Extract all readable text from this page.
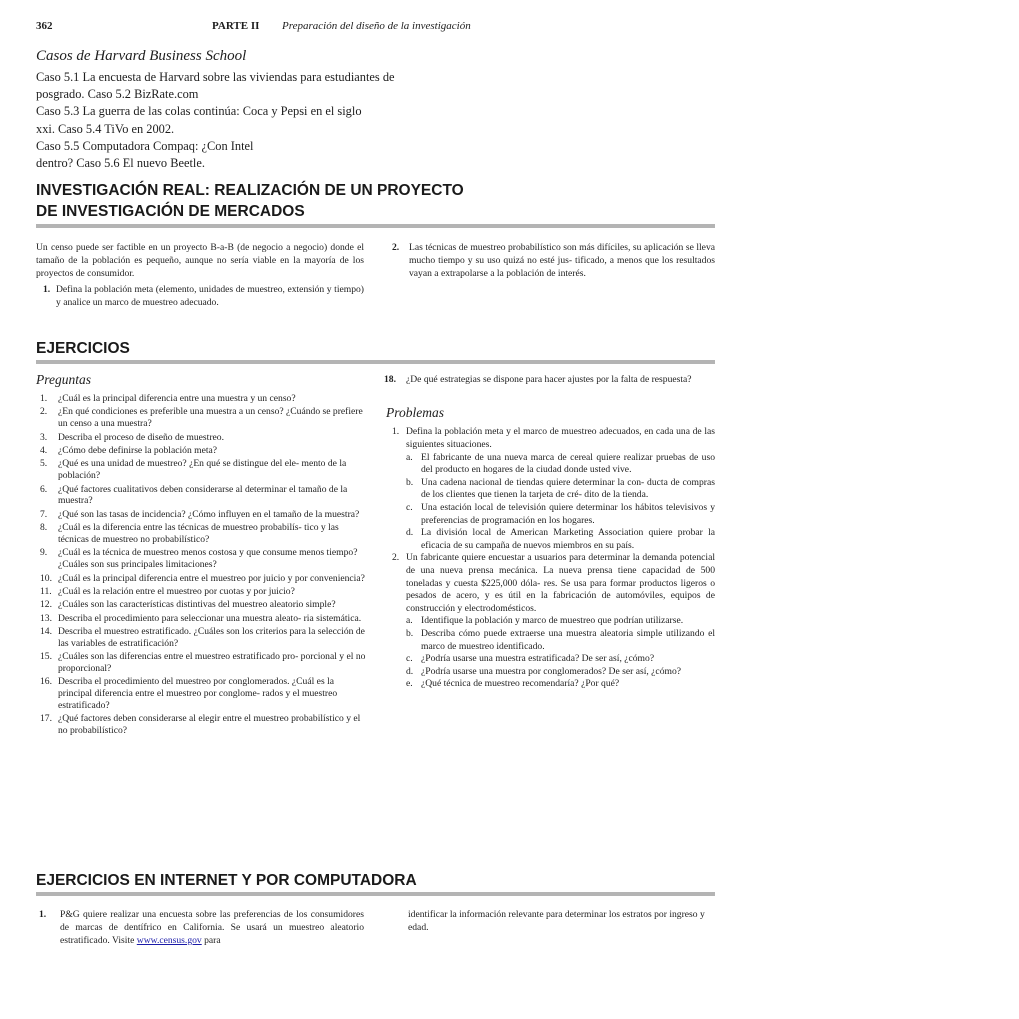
362	PARTE II Preparación del diseño de la investigación
Casos de Harvard Business School
Caso 5.1 La encuesta de Harvard sobre las viviendas para estudiantes de
posgrado. Caso 5.2 BizRate.com
Caso 5.3 La guerra de las colas continúa: Coca y Pepsi en el siglo
xxi. Caso 5.4 TiVo en 2002.
Caso 5.5 Computadora Compaq: ¿Con Intel
dentro? Caso 5.6 El nuevo Beetle.
INVESTIGACIÓN REAL: REALIZACIÓN DE UN PROYECTO
DE INVESTIGACIÓN DE MERCADOS

Un censo puede ser factible en un proyecto B-a-B (de negocio a negocio) donde el tamaño de la población es pequeño, aunque no sería viable en la mayoría de los proyectos de consumidor.

1. Defina la población meta (elemento, unidades de muestreo, extensión y tiempo) y analice un marco de muestreo adecuado.
2. Las técnicas de muestreo probabilístico son más difíciles, su aplicación se lleva mucho tiempo y su uso quizá no esté jus- tificado, a menos que los resultados vayan a extrapolarse a la población de interés.
EJERCICIOS
Preguntas
1. ¿Cuál es la principal diferencia entre una muestra y un censo?
2. ¿En qué condiciones es preferible una muestra a un censo? ¿Cuándo se prefiere un censo a una muestra?
3. Describa el proceso de diseño de muestreo.
4. ¿Cómo debe definirse la población meta?
5. ¿Qué es una unidad de muestreo? ¿En qué se distingue del ele- mento de la población?
6. ¿Qué factores cualitativos deben considerarse al determinar el tamaño de la muestra?
7. ¿Qué son las tasas de incidencia? ¿Cómo influyen en el tamaño de la muestra?
8. ¿Cuál es la diferencia entre las técnicas de muestreo probabilís- tico y las técnicas de muestreo no probabilístico?
9. ¿Cuál es la técnica de muestreo menos costosa y que consume menos tiempo? ¿Cuáles son sus principales limitaciones?
10. ¿Cuál es la principal diferencia entre el muestreo por juicio y por conveniencia?
11. ¿Cuál es la relación entre el muestreo por cuotas y por juicio?
12. ¿Cuáles son las características distintivas del muestreo aleatorio simple?
13. Describa el procedimiento para seleccionar una muestra aleato- ria sistemática.
14. Describa el muestreo estratificado. ¿Cuáles son los criterios para la selección de las variables de estratificación?
15. ¿Cuáles son las diferencias entre el muestreo estratificado pro- porcional y el no proporcional?
16. Describa el procedimiento del muestreo por conglomerados. ¿Cuál es la principal diferencia entre el muestreo por conglome- rados y el muestreo estratificado?
17. ¿Qué factores deben considerarse al elegir entre el muestreo probabilístico y el no probabilístico?
18. ¿De qué estrategias se dispone para hacer ajustes por la falta de respuesta?
Problemas
1. Defina la población meta y el marco de muestreo adecuados, en cada una de las siguientes situaciones.
a. El fabricante de una nueva marca de cereal quiere realizar pruebas de uso del producto en hogares de la ciudad donde usted vive.
b. Una cadena nacional de tiendas quiere determinar la con- ducta de compras de los clientes que tienen la tarjeta de cré- dito de la tienda.
c. Una estación local de televisión quiere determinar los hábitos televisivos y preferencias de programación en los hogares.
d. La división local de American Marketing Association quiere probar la eficacia de su campaña de nuevos miembros en su país.
2. Un fabricante quiere encuestar a usuarios para determinar la demanda potencial de una nueva prensa mecánica. La nueva prensa tiene capacidad de 500 toneladas y cuesta $225,000 dóla- res. Se usa para formar productos ligeros o pesados de acero, y es útil en la fabricación de automóviles, equipos de construcción y electrodomésticos.
a. Identifique la población y marco de muestreo que podrían utilizarse.
b. Describa cómo puede extraerse una muestra aleatoria simple utilizando el marco de muestreo identificado.
c. ¿Podría usarse una muestra estratificada? De ser así, ¿cómo?
d. ¿Podría usarse una muestra por conglomerados? De ser así, ¿cómo?
e. ¿Qué técnica de muestreo recomendaría? ¿Por qué?
EJERCICIOS EN INTERNET Y POR COMPUTADORA
1. P&G quiere realizar una encuesta sobre las preferencias de los consumidores de marcas de dentífrico en California. Se usará un muestreo aleatorio estratificado. Visite www.census.gov para

identificar la información relevante para determinar los estratos por ingreso y edad.
